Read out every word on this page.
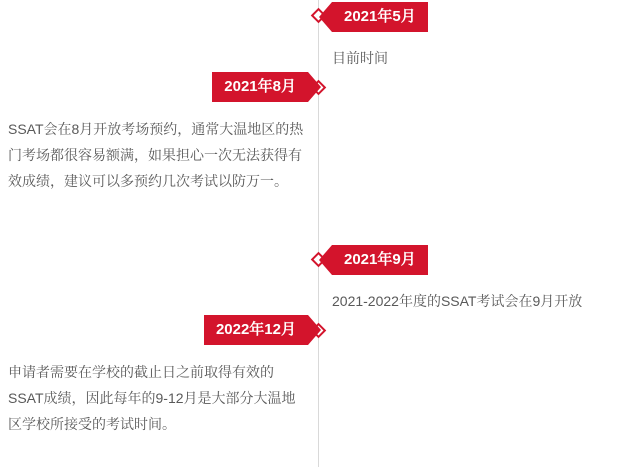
2021年5月
目前时间
2021年8月
SSAT会在8月开放考场预约，通常大温地区的热门考场都很容易额满，如果担心一次无法获得有效成绩，建议可以多预约几次考试以防万一。
2021年9月
2021-2022年度的SSAT考试会在9月开放
2022年12月
申请者需要在学校的截止日之前取得有效的SSAT成绩，因此每年的9-12月是大部分大温地区学校所接受的考试时间。
